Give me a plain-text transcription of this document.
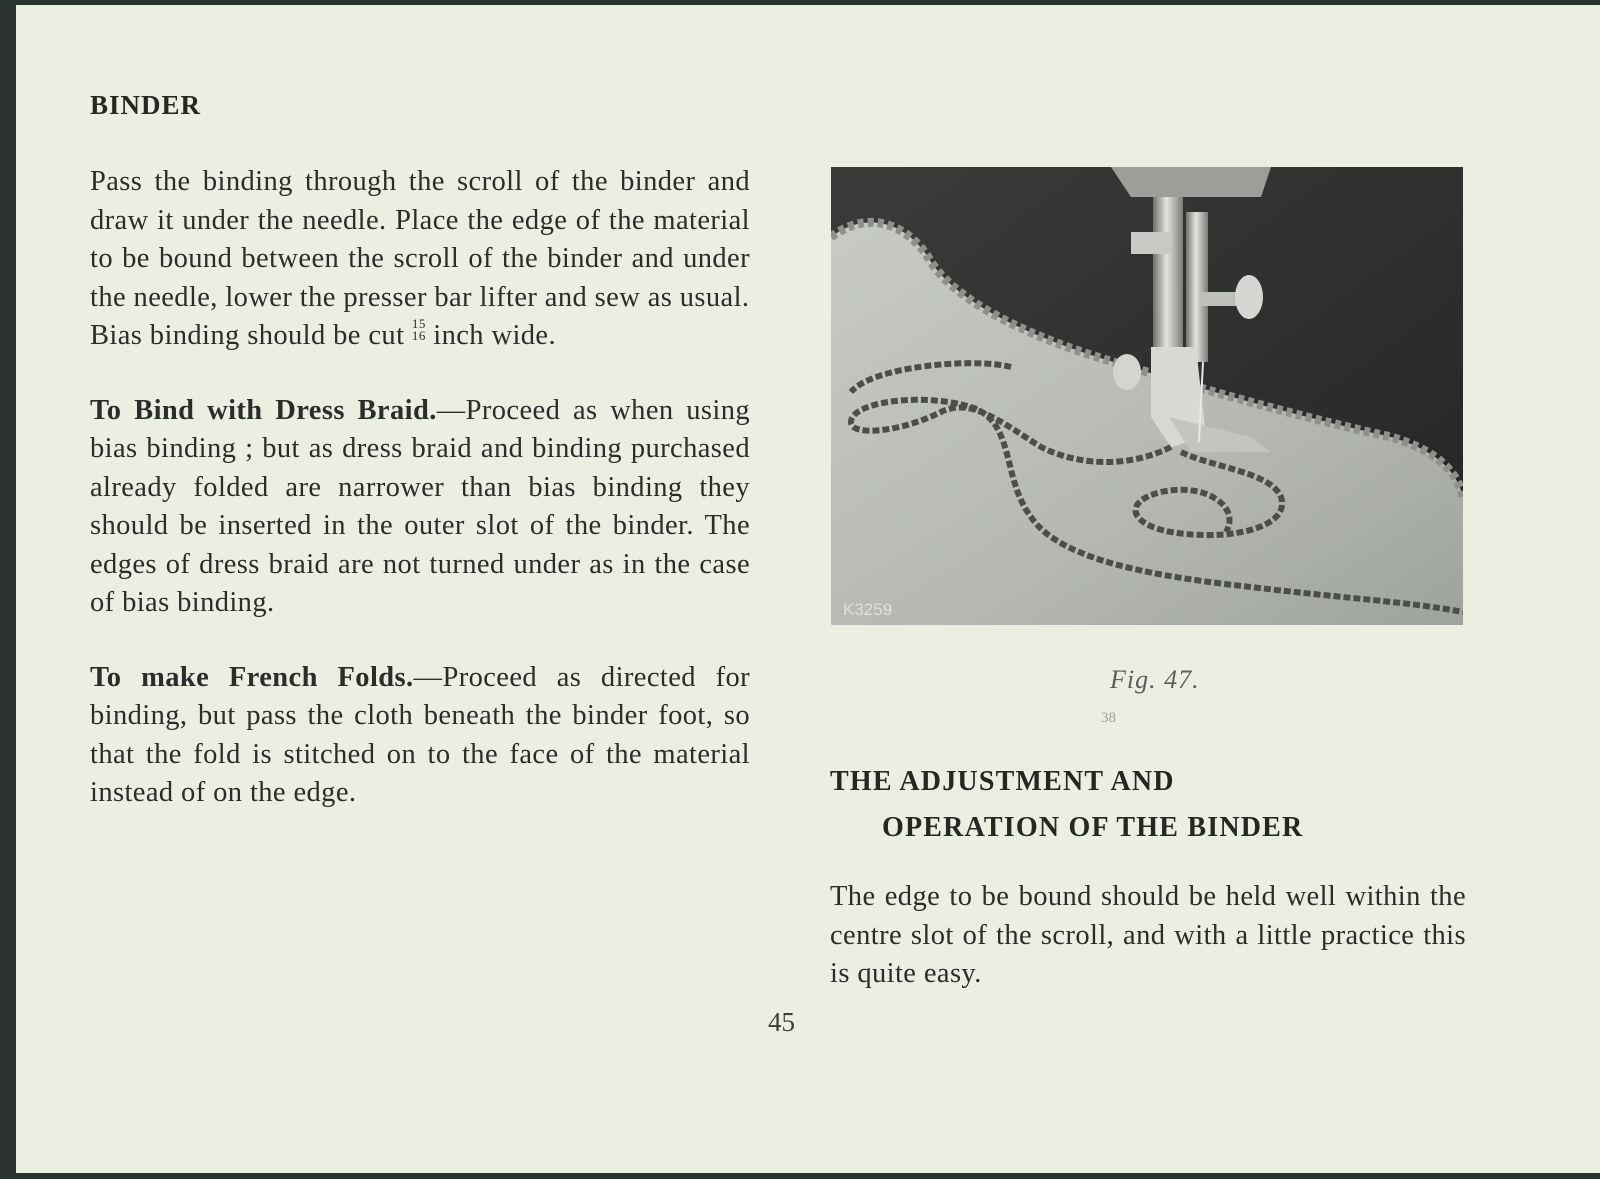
BINDER

Pass the binding through the scroll of the binder and draw it under the needle. Place the edge of the material to be bound between the scroll of the binder and under the needle, lower the presser bar lifter and sew as usual.

Bias binding should be cut 15
16 inch wide.

To Bind with Dress Braid.—Proceed as when using bias binding ; but as dress braid and binding purchased already folded are narrower than bias binding they should be inserted in the outer slot of the binder. The edges of dress braid are not turned under as in the case of bias binding.

To make French Folds.—Proceed as directed for binding, but pass the cloth beneath the binder foot, so that the fold is stitched on to the face of the material instead of on the edge.

K3259
Fig. 47.
38
THE ADJUSTMENT AND
OPERATION OF THE BINDER

The edge to be bound should be held well within the centre slot of the scroll, and with a little practice this is quite easy.

45
